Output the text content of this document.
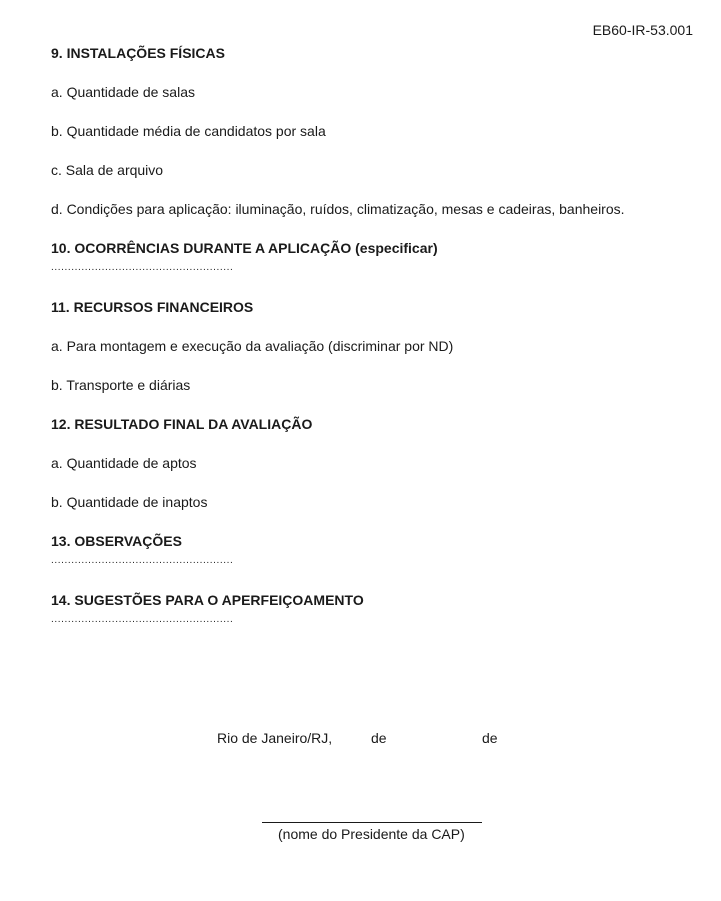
EB60-IR-53.001
9. INSTALAÇÕES FÍSICAS
a. Quantidade de salas
b. Quantidade média de candidatos por sala
c. Sala de arquivo
d. Condições para aplicação: iluminação, ruídos, climatização, mesas e cadeiras, banheiros.
10. OCORRÊNCIAS DURANTE A APLICAÇÃO (especificar)
......................................................
11. RECURSOS FINANCEIROS
a. Para montagem e execução da avaliação (discriminar por ND)
b. Transporte e diárias
12. RESULTADO FINAL DA AVALIAÇÃO
a. Quantidade de aptos
b. Quantidade de inaptos
13. OBSERVAÇÕES
......................................................
14. SUGESTÕES PARA O APERFEIÇOAMENTO
......................................................
Rio de Janeiro/RJ,	de	de
(nome do Presidente da CAP)
